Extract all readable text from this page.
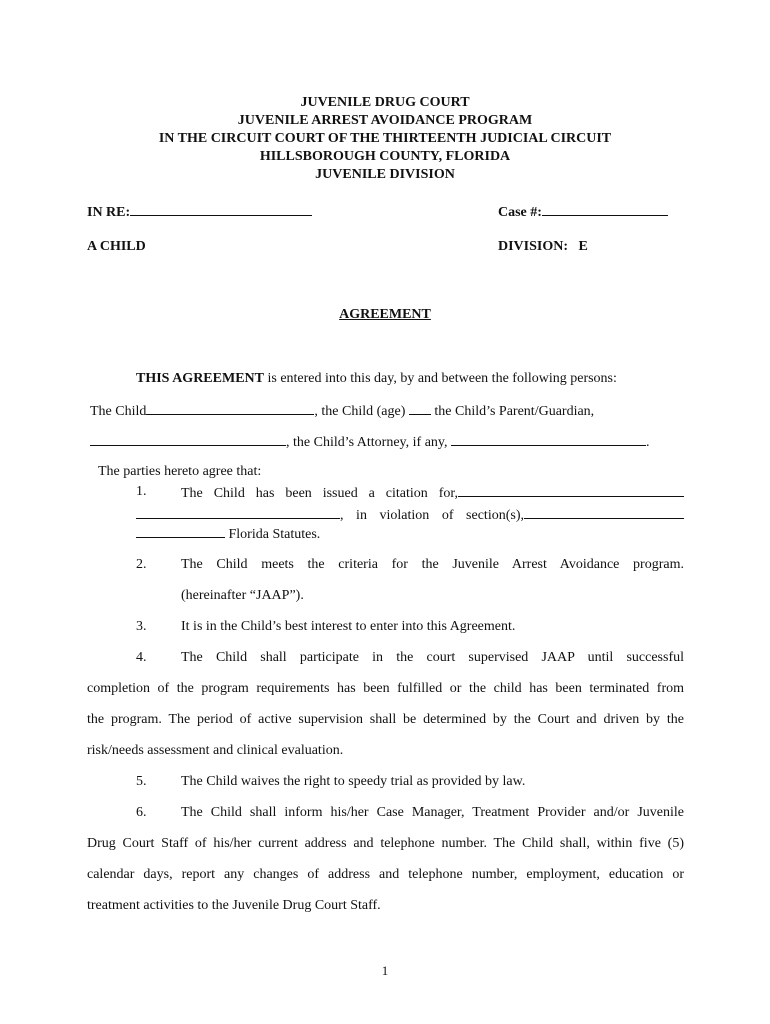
JUVENILE DRUG COURT
JUVENILE ARREST AVOIDANCE PROGRAM
IN THE CIRCUIT COURT OF THE THIRTEENTH JUDICIAL CIRCUIT
HILLSBOROUGH COUNTY, FLORIDA
JUVENILE DIVISION
IN RE:	Case #:
A CHILD	DIVISION: E
AGREEMENT
THIS AGREEMENT is entered into this day, by and between the following persons:
The Child	, the Child (age) the Child’s Parent/Guardian,
, the Child’s Attorney, if any,	.
The parties hereto agree that:
1. The Child has been issued a citation for,
, in violation of section(s),
Florida Statutes.
2. The Child meets the criteria for the Juvenile Arrest Avoidance program.
(hereinafter “JAAP”).
3. It is in the Child’s best interest to enter into this Agreement.
4. The Child shall participate in the court supervised JAAP until successful
completion of the program requirements has been fulfilled or the child has been terminated from
the program. The period of active supervision shall be determined by the Court and driven by the
risk/needs assessment and clinical evaluation.
5. The Child waives the right to speedy trial as provided by law.
6. The Child shall inform his/her Case Manager, Treatment Provider and/or Juvenile
Drug Court Staff of his/her current address and telephone number. The Child shall, within five (5)
calendar days, report any changes of address and telephone number, employment, education or
treatment activities to the Juvenile Drug Court Staff.
1
